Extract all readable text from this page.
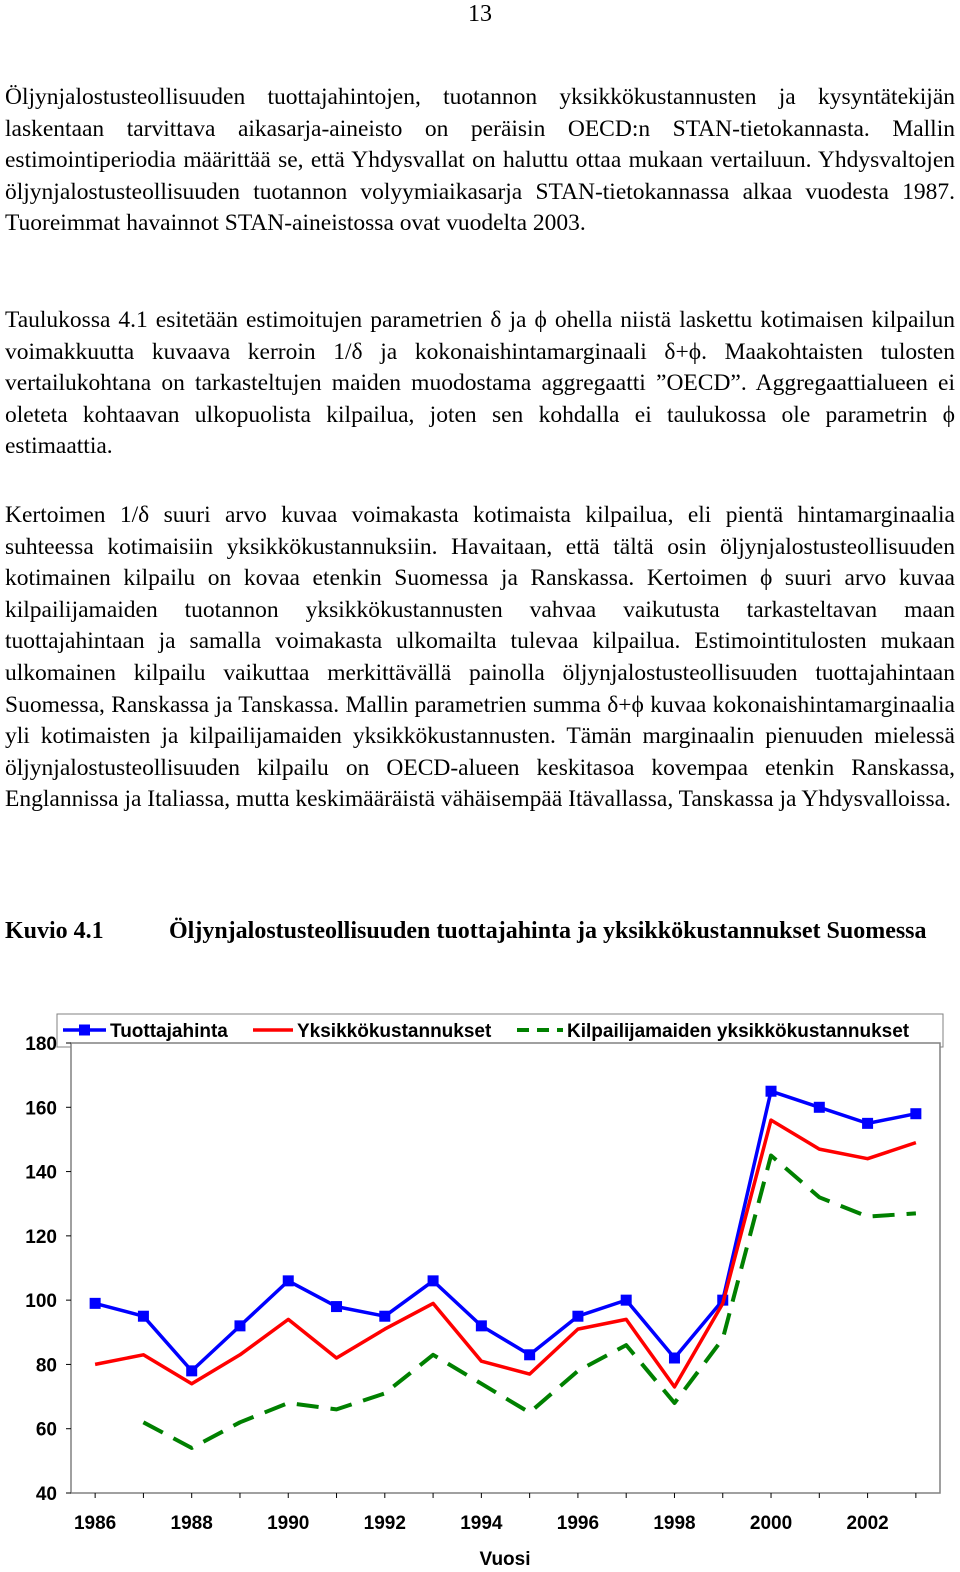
13

Öljynjalostusteollisuuden tuottajahintojen, tuotannon yksikkökustannusten ja kysyntätekijän laskentaan tarvittava aikasarja-aineisto on peräisin OECD:n STAN-tietokannasta. Mallin estimointiperiodia määrittää se, että Yhdysvallat on haluttu ottaa mukaan vertailuun. Yhdysvaltojen öljynjalostusteollisuuden tuotannon volyymiaikasarja STAN-tietokannassa alkaa vuodesta 1987. Tuoreimmat havainnot STAN-aineistossa ovat vuodelta 2003.

Taulukossa 4.1 esitetään estimoitujen parametrien δ ja ϕ ohella niistä laskettu kotimaisen kilpailun voimakkuutta kuvaava kerroin 1/δ ja kokonaishintamarginaali δ+ϕ. Maakohtaisten tulosten vertailukohtana on tarkasteltujen maiden muodostama aggregaatti ”OECD”. Aggregaattialueen ei oleteta kohtaavan ulkopuolista kilpailua, joten sen kohdalla ei taulukossa ole parametrin ϕ estimaattia.

Kertoimen 1/δ suuri arvo kuvaa voimakasta kotimaista kilpailua, eli pientä hintamarginaalia suhteessa kotimaisiin yksikkökustannuksiin. Havaitaan, että tältä osin öljynjalostusteollisuuden kotimainen kilpailu on kovaa etenkin Suomessa ja Ranskassa. Kertoimen ϕ suuri arvo kuvaa kilpailijamaiden tuotannon yksikkökustannusten vahvaa vaikutusta tarkasteltavan maan tuottajahintaan ja samalla voimakasta ulkomailta tulevaa kilpailua. Estimointitulosten mukaan ulkomainen kilpailu vaikuttaa merkittävällä painolla öljynjalostusteollisuuden tuottajahintaan Suomessa, Ranskassa ja Tanskassa. Mallin parametrien summa δ+ϕ kuvaa kokonaishintamarginaalia yli kotimaisten ja kilpailijamaiden yksikkökustannusten. Tämän marginaalin pienuuden mielessä öljynjalostusteollisuuden kilpailu on OECD-alueen keskitasoa kovempaa etenkin Ranskassa, Englannissa ja Italiassa, mutta keskimääräistä vähäisempää Itävallassa, Tanskassa ja Yhdysvalloissa.

Kuvio 4.1	Öljynjalostusteollisuuden tuottajahinta ja yksikkökustannukset Suomessa
Tuottajahinta	Yksikkökustannukset	Kilpailijamaiden yksikkökustannukset
40
60
80
100
120
140
160
180
1986	1988	1990	1992	1994	1996	1998	2000	2002
Vuosi
